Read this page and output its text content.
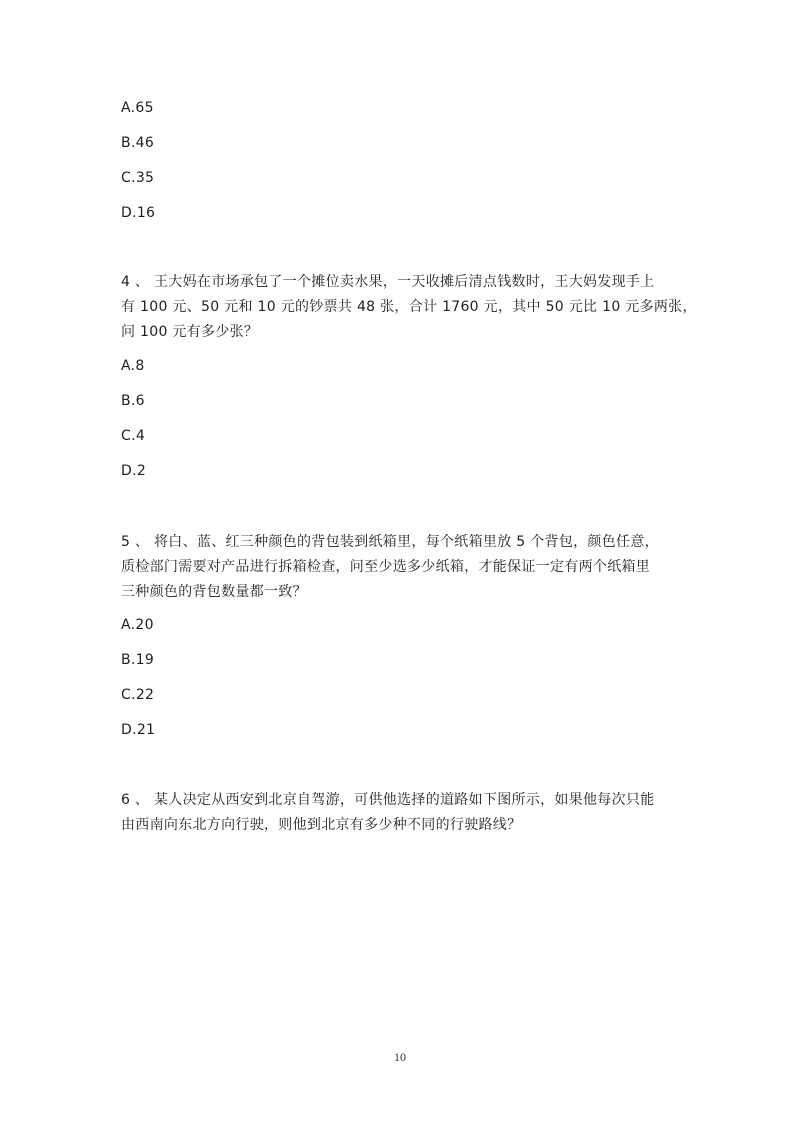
A.65

B.46

C.35

D.16

4 、 王大妈在市场承包了一个摊位卖水果，一天收摊后清点钱数时，王大妈发现手上
有 100 元、50 元和 10 元的钞票共 48 张，合计 1760 元，其中 50 元比 10 元多两张，
问 100 元有多少张？

A.8

B.6

C.4

D.2

5 、 将白、蓝、红三种颜色的背包装到纸箱里，每个纸箱里放 5 个背包，颜色任意，
质检部门需要对产品进行拆箱检查，问至少选多少纸箱，才能保证一定有两个纸箱里
三种颜色的背包数量都一致？

A.20

B.19

C.22

D.21

6 、 某人决定从西安到北京自驾游，可供他选择的道路如下图所示，如果他每次只能
由西南向东北方向行驶，则他到北京有多少种不同的行驶路线？
10
